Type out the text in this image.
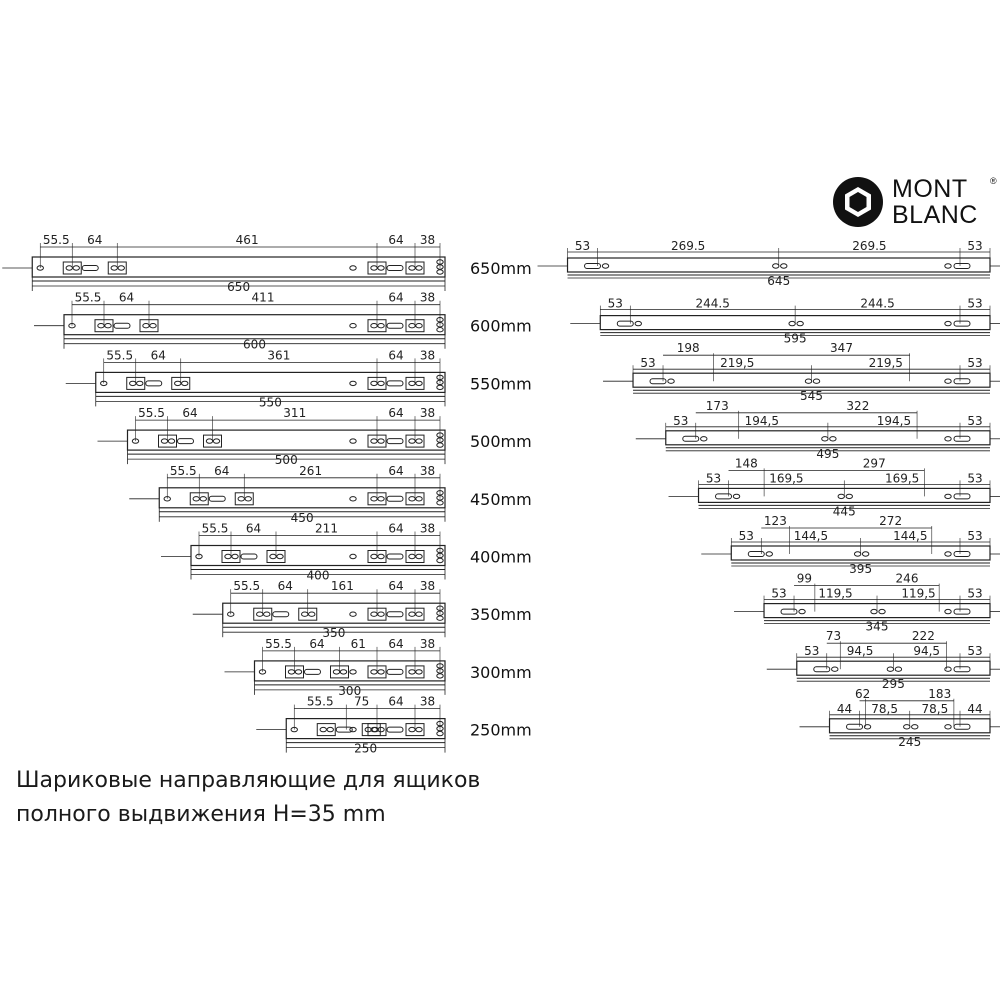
650
55.5 64	461	64 38
650mm
600
55.5 64	411	64 38
600mm
550
55.5 64	361	64 38
550mm
500
55.5 64	311	64 38
500mm
450
55.5 64	261	64 38
450mm
400
55.5 64	211	64 38
400mm
350
55.5 64	161	64 38
350mm
300
55.5 64 61 64 38
300mm
250
55.5 75 64 38
250mm
645
53	269.5	269.5	53
595
53	244.5	244.5	53
545
198	347
53	219,5	219,5	53
495
173	322
53	194,5	194,5	53
445
148	297
53	169,5	169,5	53
395
123	272
53	144,5	144,5	53
345
99	246
53	119,5	119,5	53
295
73	222
53 94,5	94,5 53
245
62	183
44 78,5 78,5 44
MONT
BLANC
®
Шариковые направляющие для ящиков
полного выдвижения H=35 mm
